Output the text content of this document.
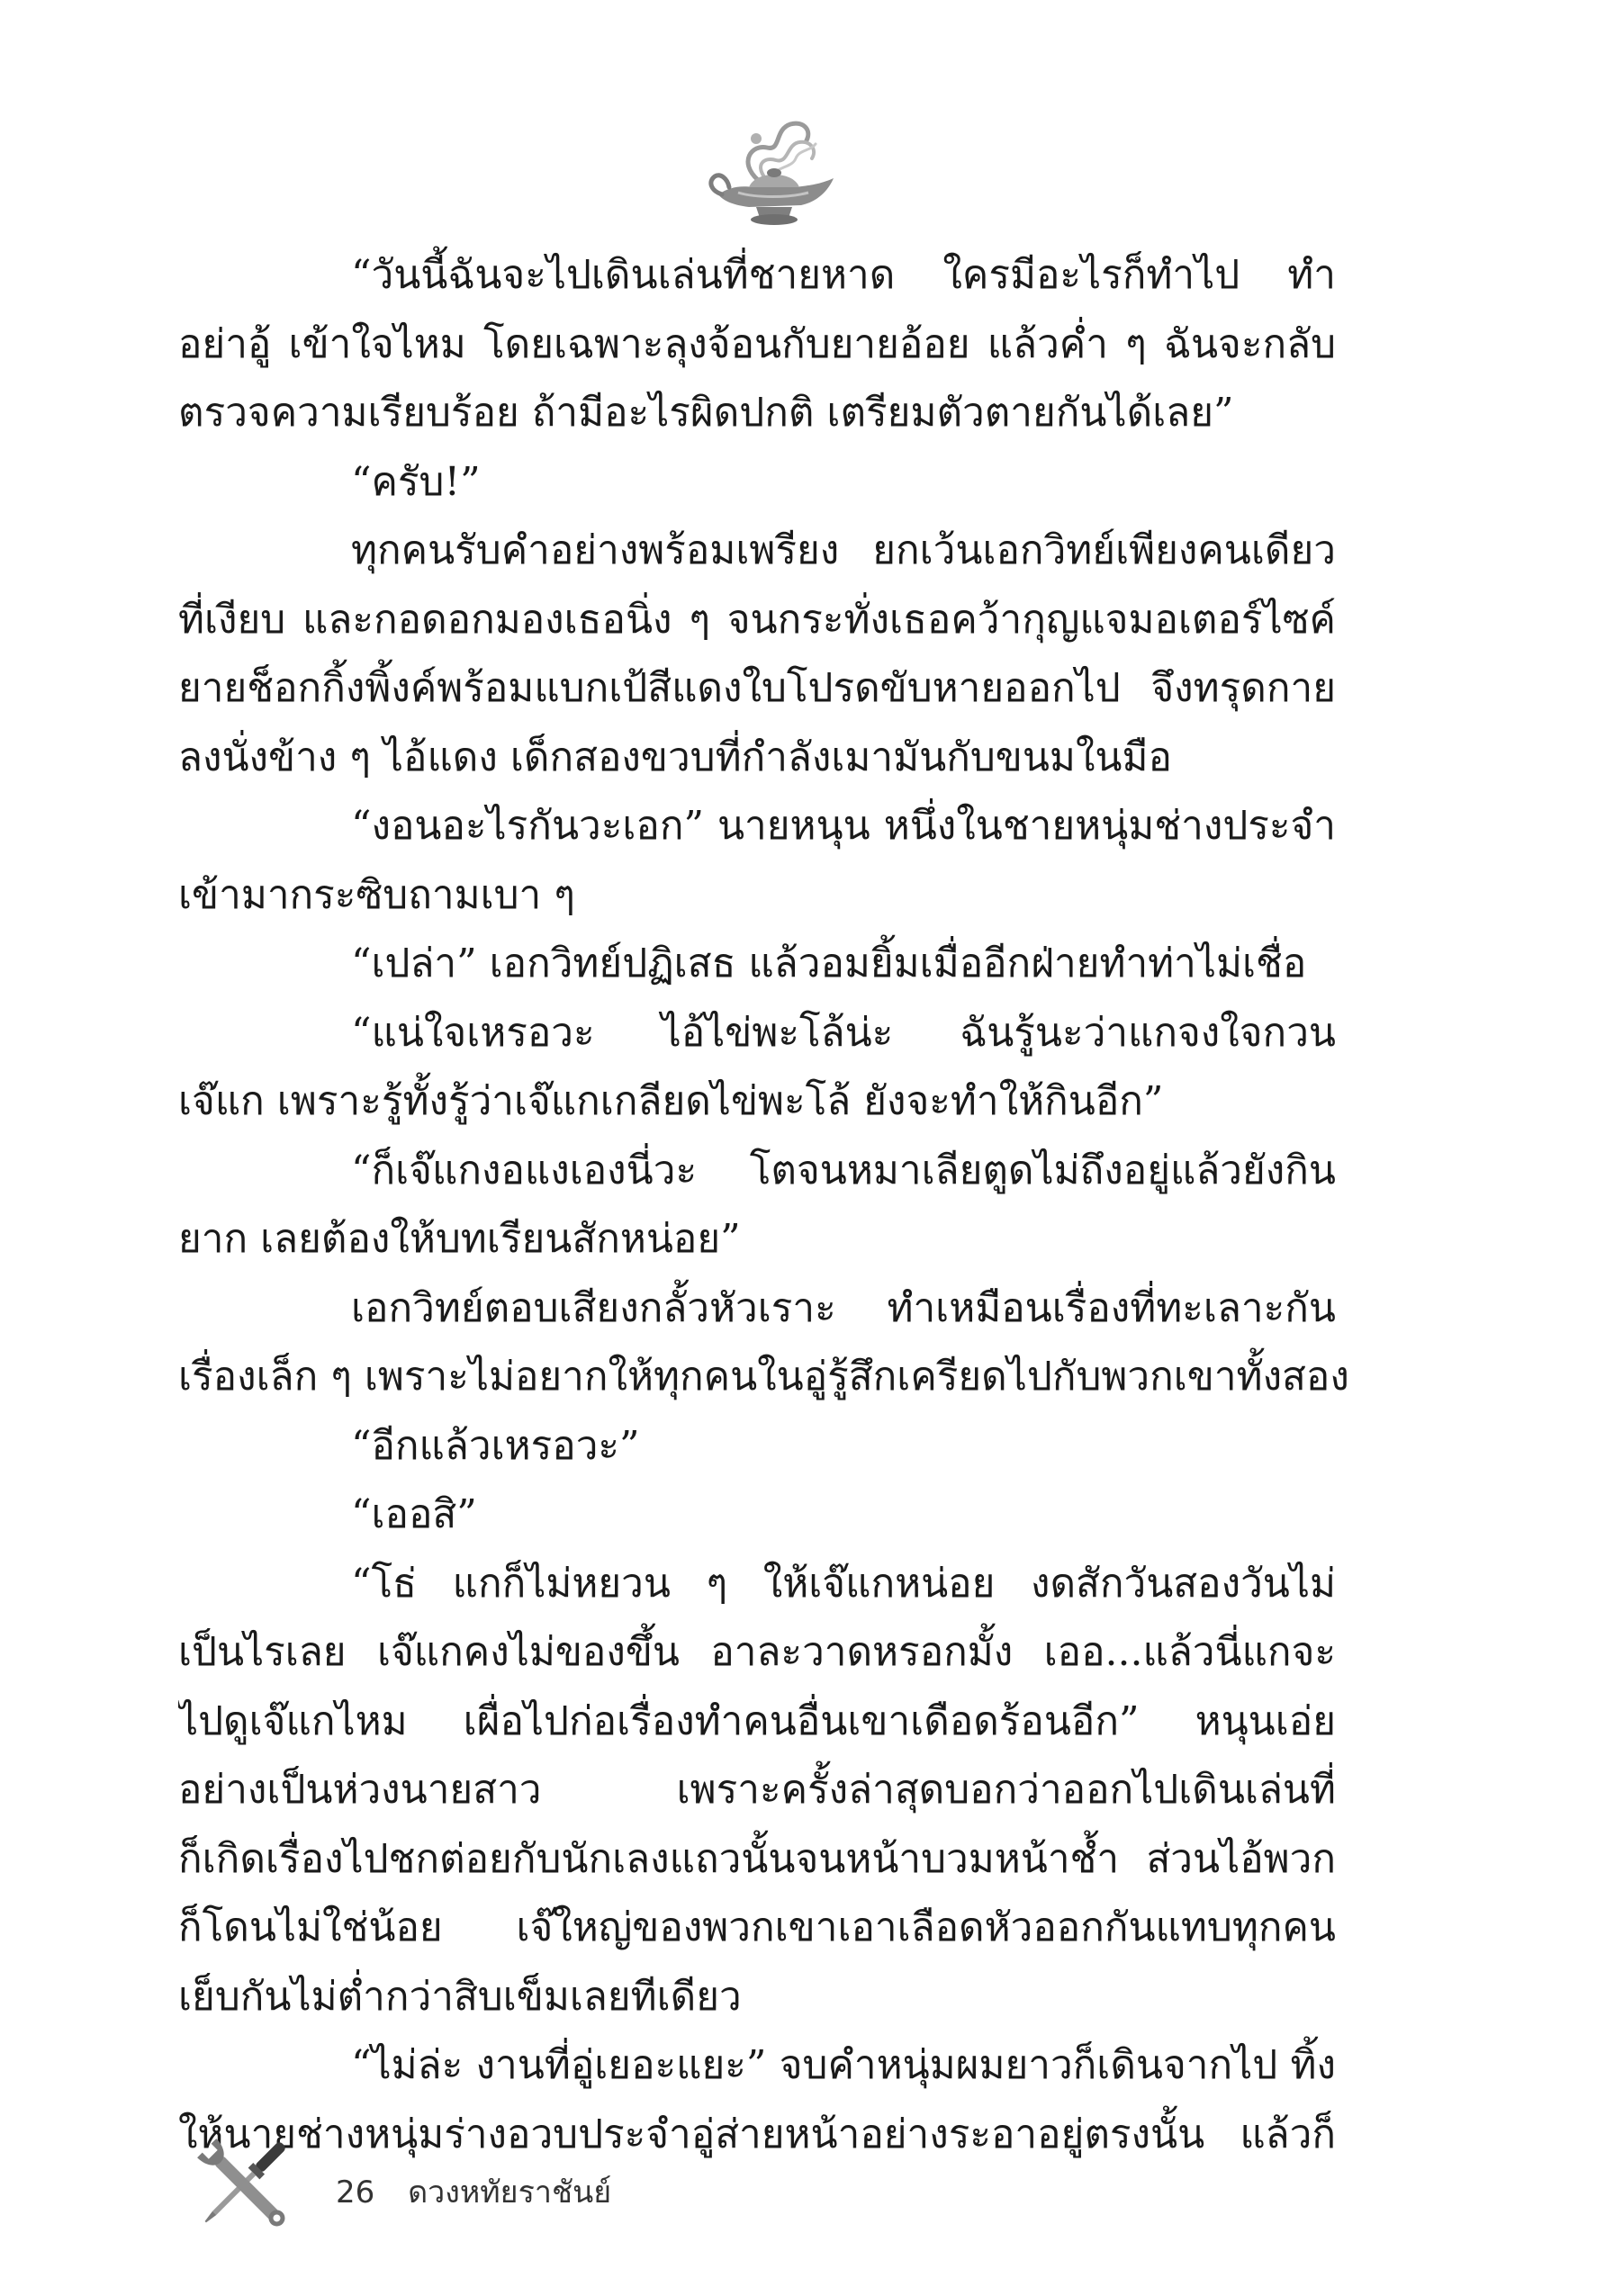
“วันนี้ฉันจะไปเดินเล่นที่ชายหาด ใครมีอะไรก็ทำไป ทำ
อย่าอู้ เข้าใจไหม โดยเฉพาะลุงจ้อนกับยายอ้อย แล้วค่ำ ๆ ฉันจะกลับ
ตรวจความเรียบร้อย ถ้ามีอะไรผิดปกติ เตรียมตัวตายกันได้เลย”
“ครับ!”
ทุกคนรับคำอย่างพร้อมเพรียง ยกเว้นเอกวิทย์เพียงคนเดียว
ที่เงียบ และกอดอกมองเธอนิ่ง ๆ จนกระทั่งเธอคว้ากุญแจมอเตอร์ไซค์
ยายช็อกกิ้งพิ้งค์พร้อมแบกเป้สีแดงใบโปรดขับหายออกไป จึงทรุดกาย
ลงนั่งข้าง ๆ ไอ้แดง เด็กสองขวบที่กำลังเมามันกับขนมในมือ
“งอนอะไรกันวะเอก” นายหนุน หนึ่งในชายหนุ่มช่างประจำ
เข้ามากระซิบถามเบา ๆ
“เปล่า” เอกวิทย์ปฏิเสธ แล้วอมยิ้มเมื่ออีกฝ่ายทำท่าไม่เชื่อ
“แน่ใจเหรอวะ ไอ้ไข่พะโล้น่ะ ฉันรู้นะว่าแกจงใจกวน
เจ๊แก เพราะรู้ทั้งรู้ว่าเจ๊แกเกลียดไข่พะโล้ ยังจะทำให้กินอีก”
“ก็เจ๊แกงอแงเองนี่วะ โตจนหมาเลียตูดไม่ถึงอยู่แล้วยังกิน
ยาก เลยต้องให้บทเรียนสักหน่อย”
เอกวิทย์ตอบเสียงกลั้วหัวเราะ ทำเหมือนเรื่องที่ทะเลาะกัน
เรื่องเล็ก ๆ เพราะไม่อยากให้ทุกคนในอู่รู้สึกเครียดไปกับพวกเขาทั้งสอง
“อีกแล้วเหรอวะ”
“เออสิ”
“โธ่ แกก็ไม่หยวน ๆ ให้เจ๊แกหน่อย งดสักวันสองวันไม่
เป็นไรเลย เจ๊แกคงไม่ของขึ้น อาละวาดหรอกมั้ง เออ...แล้วนี่แกจะ
ไปดูเจ๊แกไหม เผื่อไปก่อเรื่องทำคนอื่นเขาเดือดร้อนอีก” หนุนเอ่ย
อย่างเป็นห่วงนายสาว เพราะครั้งล่าสุดบอกว่าออกไปเดินเล่นที่
ก็เกิดเรื่องไปชกต่อยกับนักเลงแถวนั้นจนหน้าบวมหน้าช้ำ ส่วนไอ้พวก
ก็โดนไม่ใช่น้อย เจ๊ใหญ่ของพวกเขาเอาเลือดหัวออกกันแทบทุกคน
เย็บกันไม่ต่ำกว่าสิบเข็มเลยทีเดียว
“ไม่ล่ะ งานที่อู่เยอะแยะ” จบคำหนุ่มผมยาวก็เดินจากไป ทิ้ง
ให้นายช่างหนุ่มร่างอวบประจำอู่ส่ายหน้าอย่างระอาอยู่ตรงนั้น แล้วก็
26 ดวงหทัยราชันย์
